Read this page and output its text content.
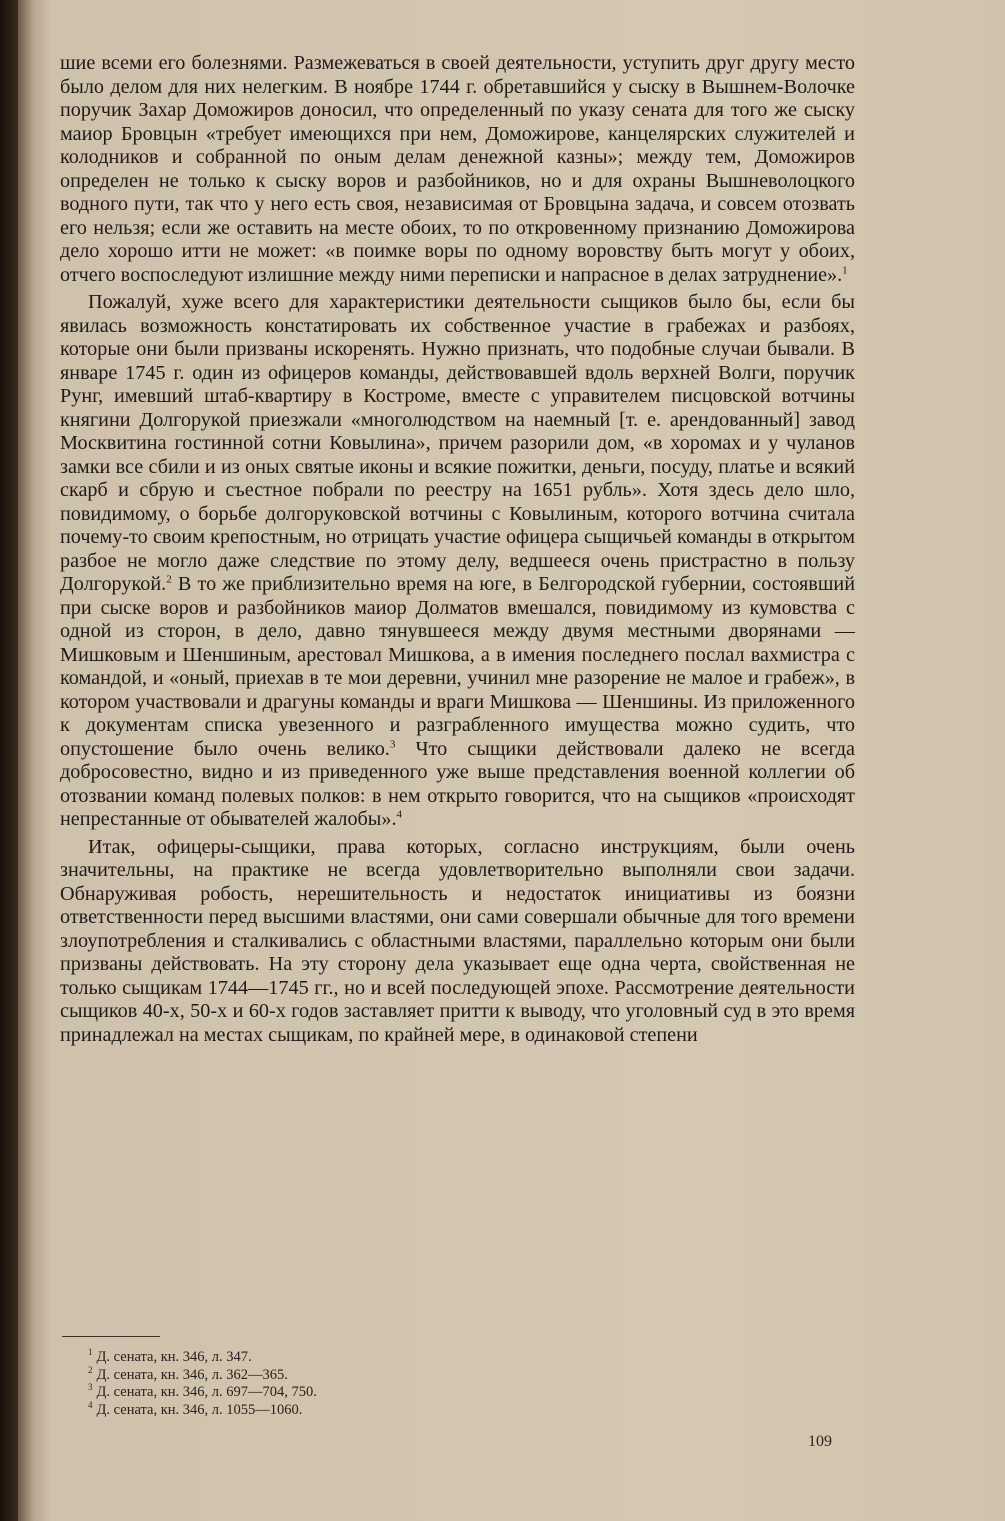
шие всеми его болезнями. Размежеваться в своей деятельности, уступить друг другу место было делом для них нелегким. В ноябре 1744 г. обретавшийся у сыску в Вышнем-Волочке поручик Захар Доможиров доносил, что определенный по указу сената для того же сыску маиор Бровцын «требует имеющихся при нем, Доможирове, канцелярских служителей и колодников и собранной по оным делам денежной казны»; между тем, Доможиров определен не только к сыску воров и разбойников, но и для охраны Вышневолоцкого водного пути, так что у него есть своя, независимая от Бровцына задача, и совсем отозвать его нельзя; если же оставить на месте обоих, то по откровенному признанию Доможирова дело хорошо итти не может: «в поимке воры по одному воровству быть могут у обоих, отчего воспоследуют излишние между ними переписки и напрасное в делах затруднение».$^1$

Пожалуй, хуже всего для характеристики деятельности сыщиков было бы, если бы явилась возможность констатировать их собственное участие в грабежах и разбоях, которые они были призваны искоренять. Нужно признать, что подобные случаи бывали. В январе 1745 г. один из офицеров команды, действовавшей вдоль верхней Волги, поручик Рунг, имевший штаб-квартиру в Костроме, вместе с управителем писцовской вотчины княгини Долгорукой приезжали «многолюдством на наемный [т. е. арендованный] завод Москвитина гостинной сотни Ковылина», причем разорили дом, «в хоромах и у чуланов замки все сбили и из оных святые иконы и всякие пожитки, деньги, посуду, платье и всякий скарб и сбрую и съестное побрали по реестру на 1651 рубль». Хотя здесь дело шло, повидимому, о борьбе долгоруковской вотчины с Ковылиным, которого вотчина считала почему-то своим крепостным, но отрицать участие офицера сыщичьей команды в открытом разбое не могло даже следствие по этому делу, ведшееся очень пристрастно в пользу Долгорукой.$^2$ В то же приблизительно время на юге, в Белгородской губернии, состоявший при сыске воров и разбойников маиор Долматов вмешался, повидимому из кумовства с одной из сторон, в дело, давно тянувшееся между двумя местными дворянами — Мишковым и Шеншиным, арестовал Мишкова, а в имения последнего послал вахмистра с командой, и «оный, приехав в те мои деревни, учинил мне разорение не малое и грабеж», в котором участвовали и драгуны команды и враги Мишкова — Шеншины. Из приложенного к документам списка увезенного и разграбленного имущества можно судить, что опустошение было очень велико.$^3$ Что сыщики действовали далеко не всегда добросовестно, видно и из приведенного уже выше представления военной коллегии об отозвании команд полевых полков: в нем открыто говорится, что на сыщиков «происходят непрестанные от обывателей жалобы».$^4$

Итак, офицеры-сыщики, права которых, согласно инструкциям, были очень значительны, на практике не всегда удовлетворительно выполняли свои задачи. Обнаруживая робость, нерешительность и недостаток инициативы из боязни ответственности перед высшими властями, они сами совершали обычные для того времени злоупотребления и сталкивались с областными властями, параллельно которым они были призваны действовать. На эту сторону дела указывает еще одна черта, свойственная не только сыщикам 1744—1745 гг., но и всей последующей эпохе. Рассмотрение деятельности сыщиков 40-х, 50-х и 60-х годов заставляет притти к выводу, что уголовный суд в это время принадлежал на местах сыщикам, по крайней мере, в одинаковой степени

$^1$ Д. сената, кн. 346, л. 347.
$^2$ Д. сената, кн. 346, л. 362—365.
$^3$ Д. сената, кн. 346, л. 697—704, 750.
$^4$ Д. сената, кн. 346, л. 1055—1060.
109
